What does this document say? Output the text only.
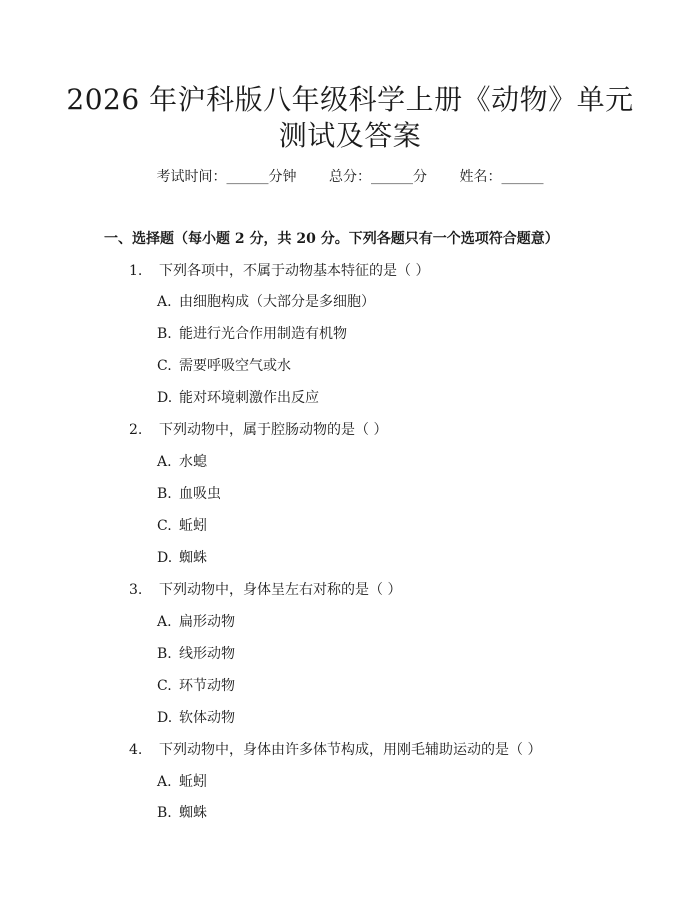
2026 年沪科版八年级科学上册《动物》单元
测试及答案
考试时间：______分钟 总分：______分 姓名：______
一、选择题（每小题 2 分，共 20 分。下列各题只有一个选项符合题意）
1. 下列各项中，不属于动物基本特征的是（ ）
A. 由细胞构成（大部分是多细胞）
B. 能进行光合作用制造有机物
C. 需要呼吸空气或水
D. 能对环境刺激作出反应
2. 下列动物中，属于腔肠动物的是（ ）
A. 水螅
B. 血吸虫
C. 蚯蚓
D. 蜘蛛
3. 下列动物中，身体呈左右对称的是（ ）
A. 扁形动物
B. 线形动物
C. 环节动物
D. 软体动物
4. 下列动物中，身体由许多体节构成，用刚毛辅助运动的是（ ）
A. 蚯蚓
B. 蜘蛛
